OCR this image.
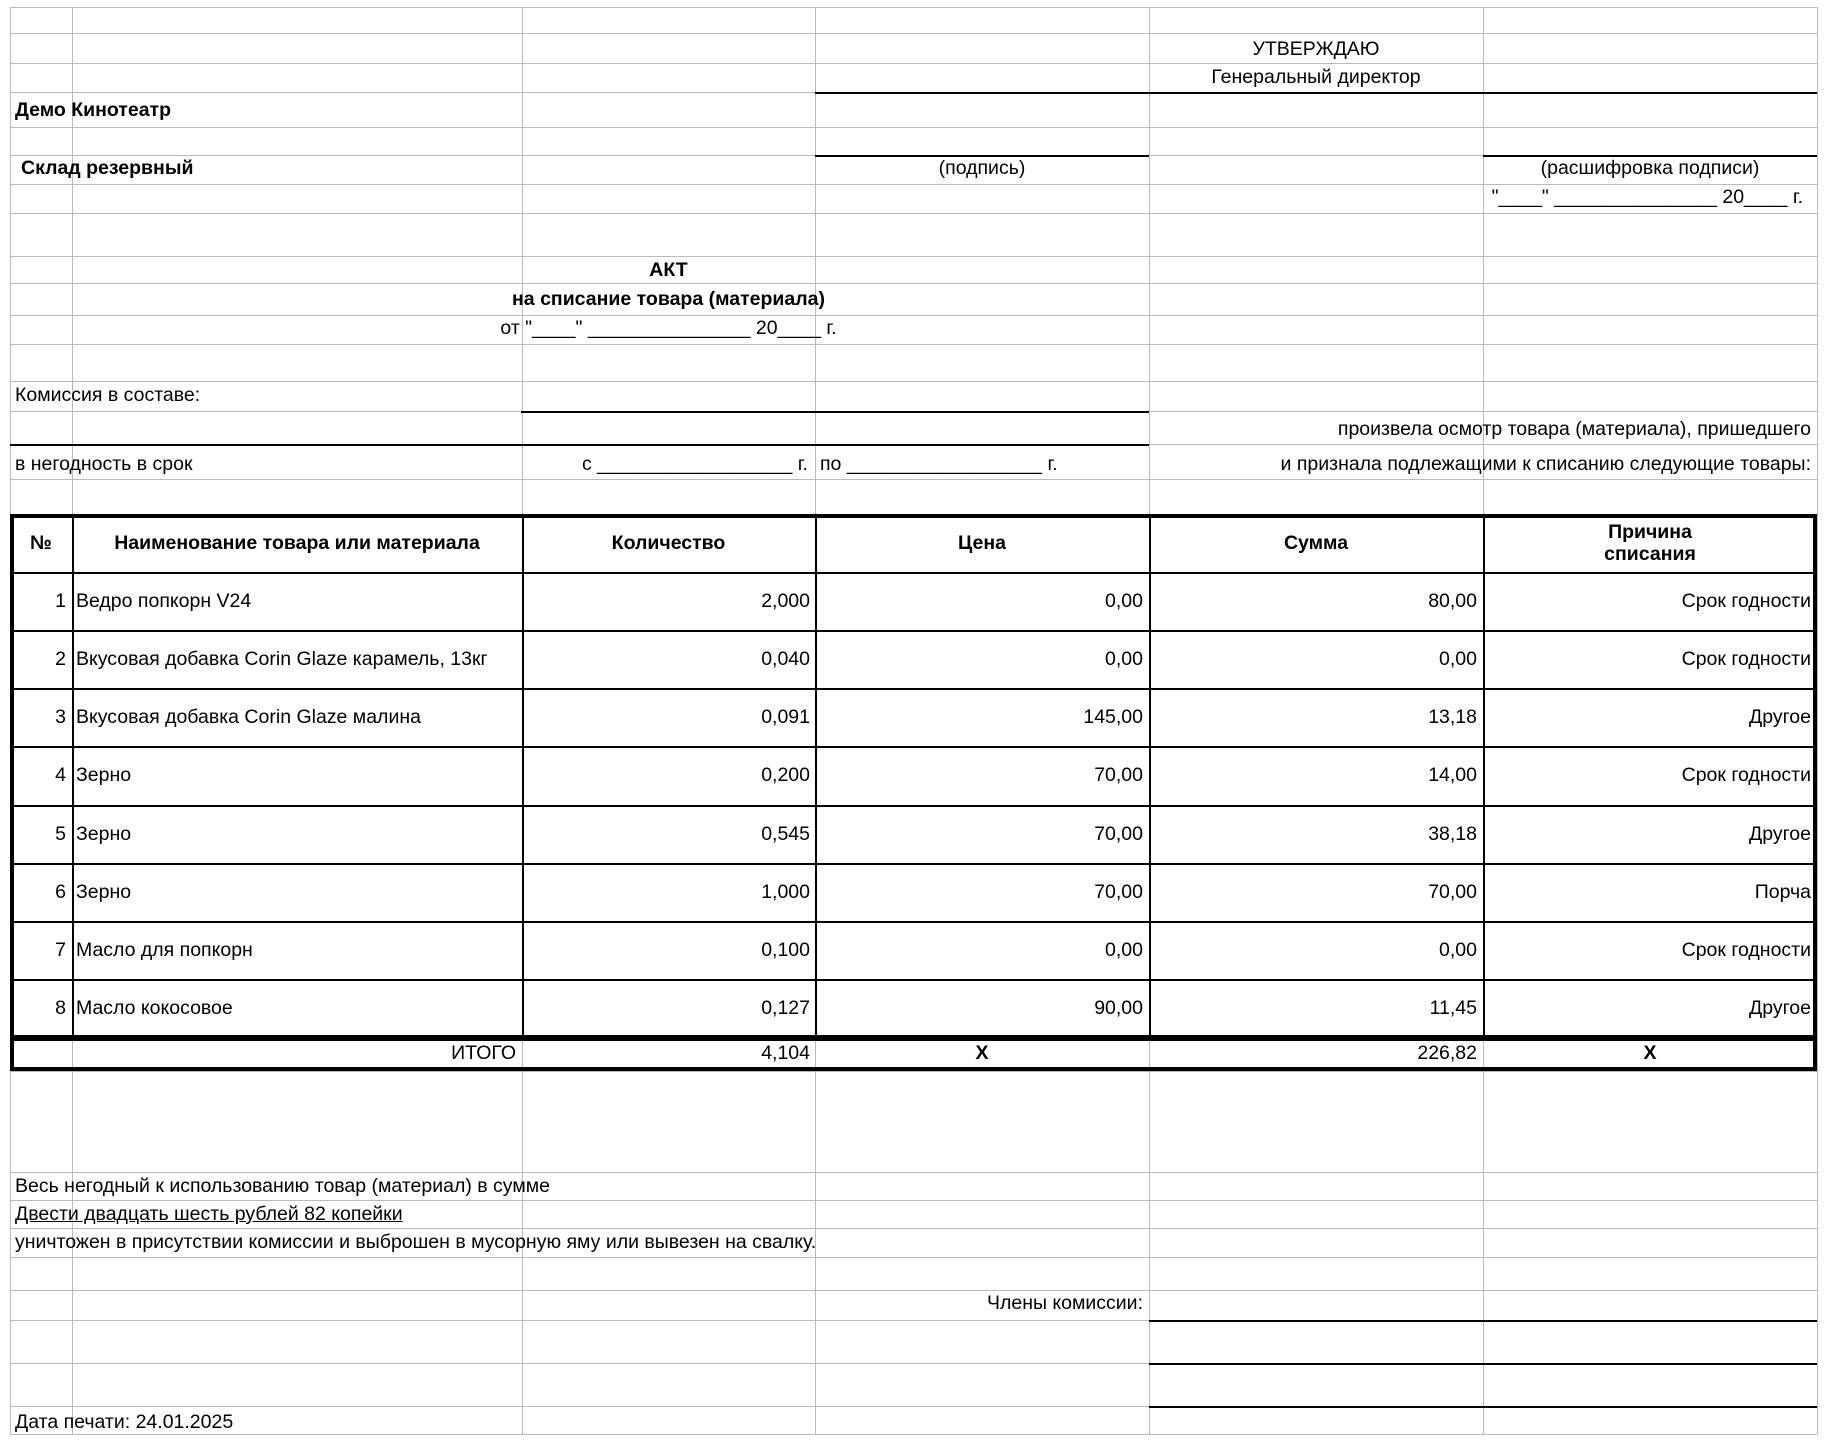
УТВЕРЖДАЮ
Генеральный директор
Демо Кинотеатр
Склад резервный	(подпись)	(расшифровка подписи)
"____" _______________ 20____ г.
АКТ
на списание товара (материала)
от "____" _______________ 20____ г.
Комиссия в составе:
произвела осмотр товара (материала), пришедшего
в негодность в срок	с __________________ г. по __________________ г.	и признала подлежащими к списанию следующие товары:
№	Наименование товара или материала	Количество	Цена	Сумма	Причина
списания
1 Ведро попкорн V24	2,000	0,00	80,00	Срок годности
2 Вкусовая добавка Corin Glaze карамель, 13кг	0,040	0,00	0,00	Срок годности
3 Вкусовая добавка Corin Glaze малина	0,091	145,00	13,18	Другое
4 Зерно	0,200	70,00	14,00	Срок годности
5 Зерно	0,545	70,00	38,18	Другое
6 Зерно	1,000	70,00	70,00	Порча
7 Масло для попкорн	0,100	0,00	0,00	Срок годности
8 Масло кокосовое	0,127	90,00	11,45	Другое
ИТОГО	4,104	X	226,82	X
Весь негодный к использованию товар (материал) в сумме
Двести двадцать шесть рублей 82 копейки
уничтожен в присутствии комиссии и выброшен в мусорную яму или вывезен на свалку.
Члены комиссии:
Дата печати: 24.01.2025
